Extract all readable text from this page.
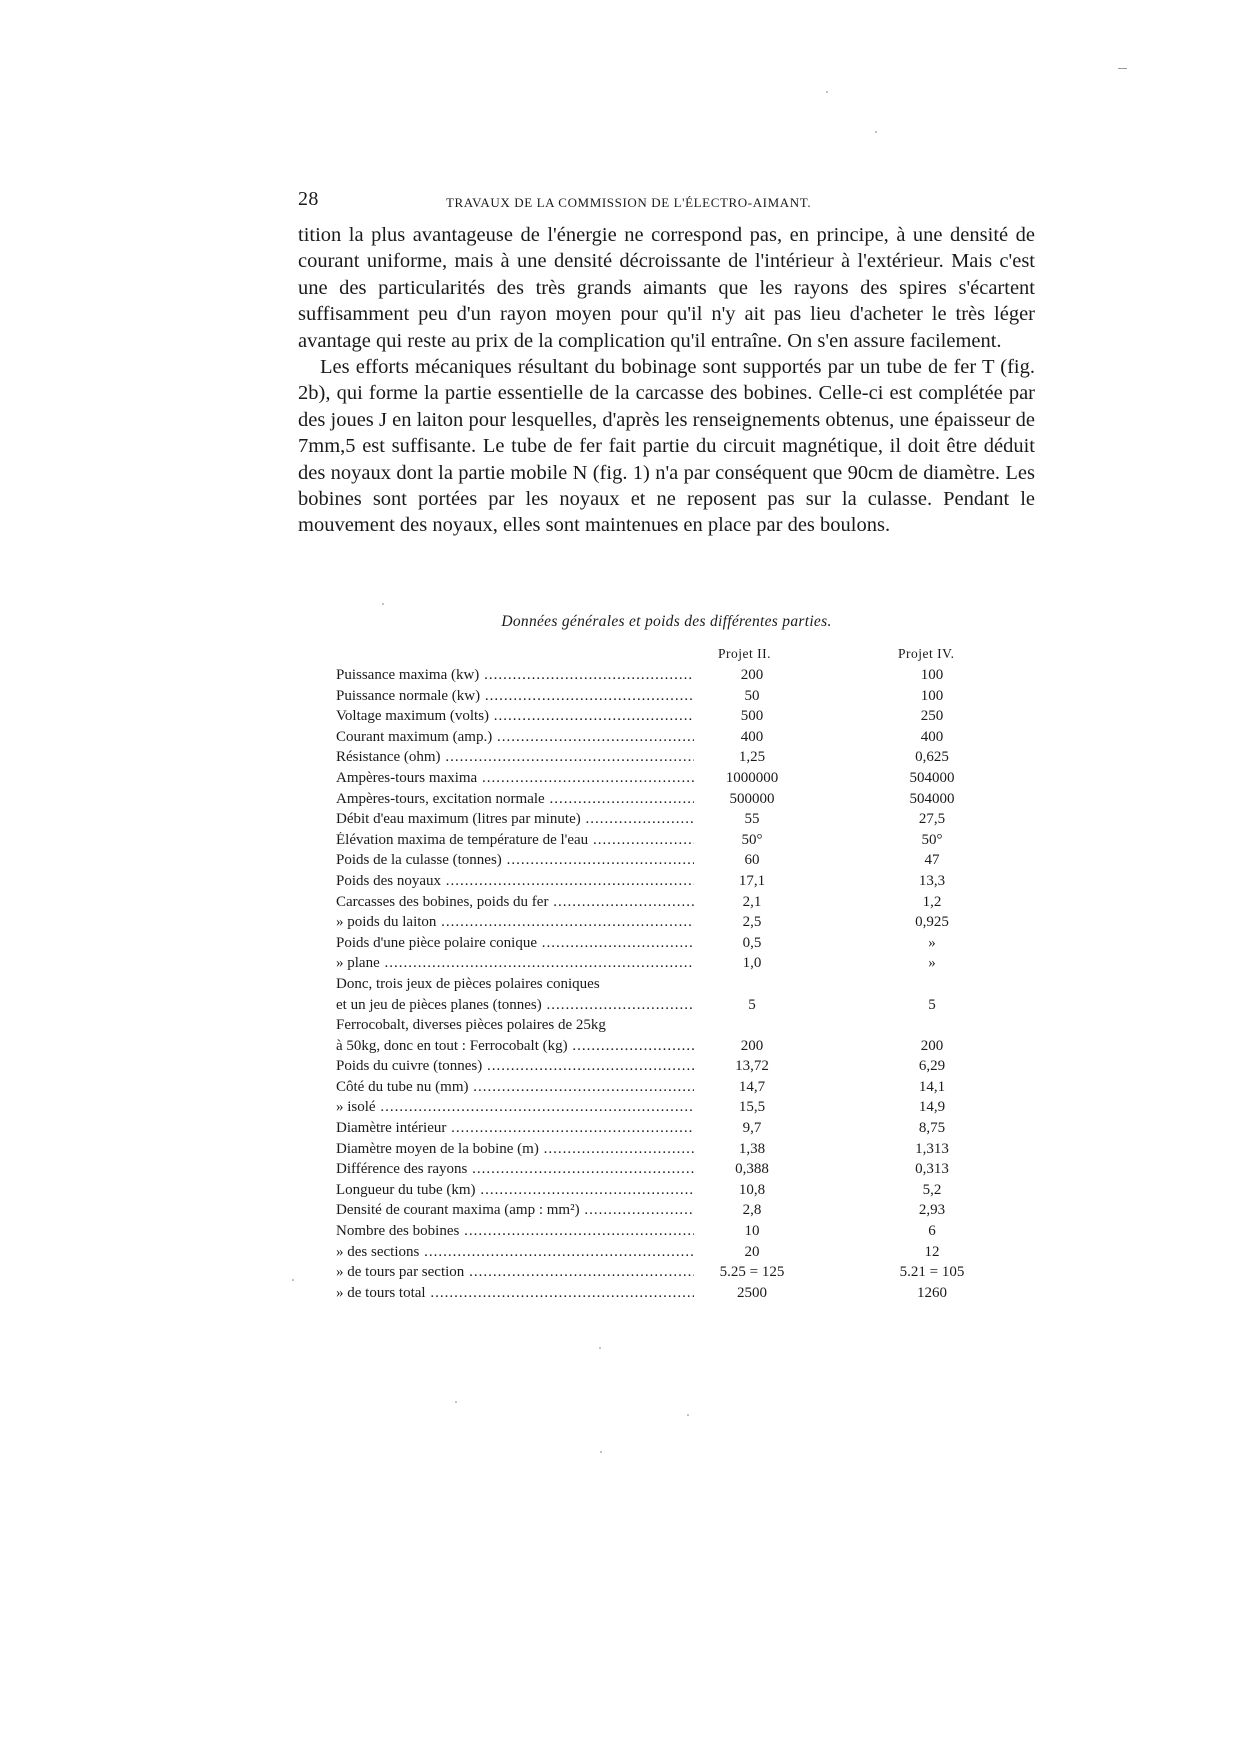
28	TRAVAUX DE LA COMMISSION DE L'ÉLECTRO-AIMANT.

tition la plus avantageuse de l'énergie ne correspond pas, en principe, à une densité de courant uniforme, mais à une densité décroissante de l'intérieur à l'extérieur. Mais c'est une des particularités des très grands aimants que les rayons des spires s'écartent suffisamment peu d'un rayon moyen pour qu'il n'y ait pas lieu d'acheter le très léger avantage qui reste au prix de la complication qu'il entraîne. On s'en assure facilement.

Les efforts mécaniques résultant du bobinage sont supportés par un tube de fer T (fig. 2b), qui forme la partie essentielle de la carcasse des bobines. Celle-ci est complétée par des joues J en laiton pour lesquelles, d'après les renseignements obtenus, une épaisseur de 7mm,5 est suffisante. Le tube de fer fait partie du circuit magnétique, il doit être déduit des noyaux dont la partie mobile N (fig. 1) n'a par conséquent que 90cm de diamètre. Les bobines sont portées par les noyaux et ne reposent pas sur la culasse. Pendant le mouvement des noyaux, elles sont maintenues en place par des boulons.

Données générales et poids des différentes parties.
Projet II.	Projet IV.
Puissance maxima (kw) .....	200	100
Puissance normale (kw) .....	50	100
Voltage maximum (volts) .....	500	250
Courant maximum (amp.) .....	400	400
Résistance (ohm) .....	1,25	0,625
Ampères-tours maxima .....	1000000	504000
Ampères-tours, excitation normale .....	500000	504000
Débit d'eau maximum (litres par minute) .....	55	27,5
Élévation maxima de température de l'eau .....	50°	50°
Poids de la culasse (tonnes) .....	60	47
Poids des noyaux .....	17,1	13,3
Carcasses des bobines, poids du fer .....	2,1	1,2
» poids du laiton .....	2,5	0,925
Poids d'une pièce polaire conique .....	0,5	»
» plane .....	1,0	»
Donc, trois jeux de pièces polaires coniques
et un jeu de pièces planes (tonnes) .....	5	5
Ferrocobalt, diverses pièces polaires de 25kg
à 50kg, donc en tout : Ferrocobalt (kg) .....	200	200
Poids du cuivre (tonnes) .....	13,72	6,29
Côté du tube nu (mm) .....	14,7	14,1
» isolé .....	15,5	14,9
Diamètre intérieur .....	9,7	8,75
Diamètre moyen de la bobine (m) .....	1,38	1,313
Différence des rayons .....	0,388	0,313
Longueur du tube (km) .....	10,8	5,2
Densité de courant maxima (amp : mm²) .....	2,8	2,93
Nombre des bobines .....	10	6
» des sections .....	20	12
» de tours par section .....	5.25 = 125	5.21 = 105
» de tours total .....	2500	1260
